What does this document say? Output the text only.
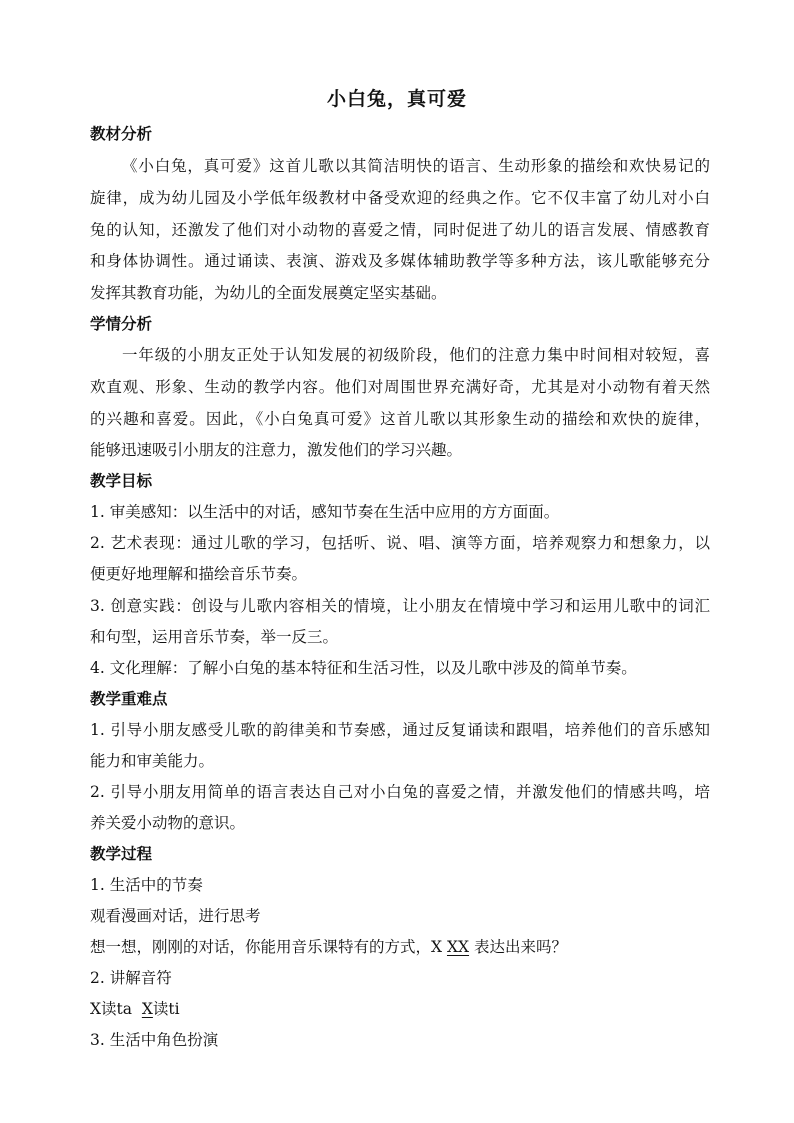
小白兔，真可爱
教材分析
《小白兔，真可爱》这首儿歌以其简洁明快的语言、生动形象的描绘和欢快易记的
旋律，成为幼儿园及小学低年级教材中备受欢迎的经典之作。它不仅丰富了幼儿对小白
兔的认知，还激发了他们对小动物的喜爱之情，同时促进了幼儿的语言发展、情感教育
和身体协调性。通过诵读、表演、游戏及多媒体辅助教学等多种方法，该儿歌能够充分
发挥其教育功能，为幼儿的全面发展奠定坚实基础。
学情分析
一年级的小朋友正处于认知发展的初级阶段，他们的注意力集中时间相对较短，喜
欢直观、形象、生动的教学内容。他们对周围世界充满好奇，尤其是对小动物有着天然
的兴趣和喜爱。因此，《小白兔真可爱》这首儿歌以其形象生动的描绘和欢快的旋律，
能够迅速吸引小朋友的注意力，激发他们的学习兴趣。
教学目标
1. 审美感知：以生活中的对话，感知节奏在生活中应用的方方面面。
2. 艺术表现：通过儿歌的学习，包括听、说、唱、演等方面，培养观察力和想象力，以
便更好地理解和描绘音乐节奏。
3. 创意实践：创设与儿歌内容相关的情境，让小朋友在情境中学习和运用儿歌中的词汇
和句型，运用音乐节奏，举一反三。
4. 文化理解：了解小白兔的基本特征和生活习性，以及儿歌中涉及的简单节奏。
教学重难点
1. 引导小朋友感受儿歌的韵律美和节奏感，通过反复诵读和跟唱，培养他们的音乐感知
能力和审美能力。
2. 引导小朋友用简单的语言表达自己对小白兔的喜爱之情，并激发他们的情感共鸣，培
养关爱小动物的意识。
教学过程
1. 生活中的节奏
观看漫画对话，进行思考
想一想，刚刚的对话，你能用音乐课特有的方式，X XX 表达出来吗？
2. 讲解音符
X读ta  X读ti
3. 生活中角色扮演
